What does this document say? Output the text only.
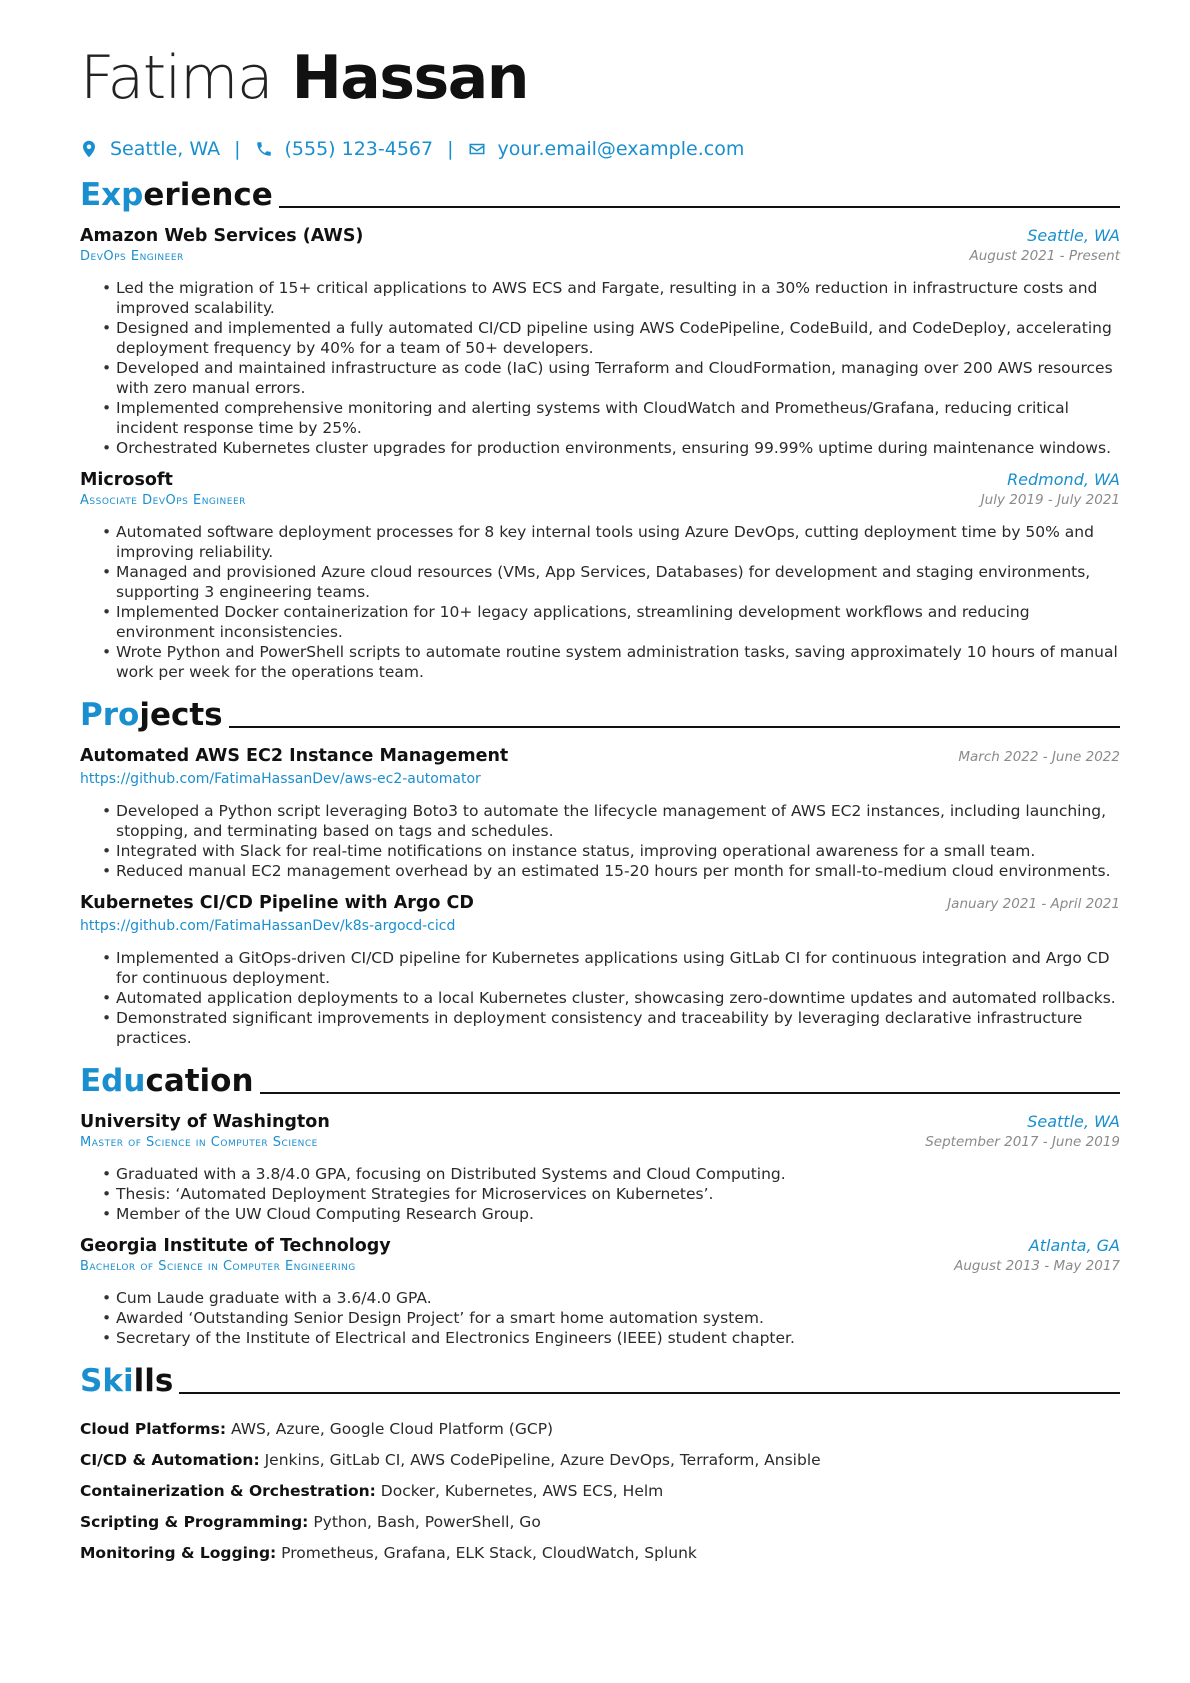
Fatima Hassan
Seattle, WA | (555) 123-4567 | your.email@example.com
Experience
Amazon Web Services (AWS)	Seattle, WA
DevOps Engineer	August 2021 - Present
• Led the migration of 15+ critical applications to AWS ECS and Fargate, resulting in a 30% reduction in infrastructure costs and improved scalability.
• Designed and implemented a fully automated CI/CD pipeline using AWS CodePipeline, CodeBuild, and CodeDeploy, accelerating deployment frequency by 40% for a team of 50+ developers.
• Developed and maintained infrastructure as code (IaC) using Terraform and CloudFormation, managing over 200 AWS resources with zero manual errors.
• Implemented comprehensive monitoring and alerting systems with CloudWatch and Prometheus/Grafana, reducing critical incident response time by 25%.
• Orchestrated Kubernetes cluster upgrades for production environments, ensuring 99.99% uptime during maintenance windows.
Microsoft	Redmond, WA
Associate DevOps Engineer	July 2019 - July 2021
• Automated software deployment processes for 8 key internal tools using Azure DevOps, cutting deployment time by 50% and improving reliability.
• Managed and provisioned Azure cloud resources (VMs, App Services, Databases) for development and staging environments, supporting 3 engineering teams.
• Implemented Docker containerization for 10+ legacy applications, streamlining development workflows and reducing environment inconsistencies.
• Wrote Python and PowerShell scripts to automate routine system administration tasks, saving approximately 10 hours of manual work per week for the operations team.
Projects
Automated AWS EC2 Instance Management	March 2022 - June 2022
https://github.com/FatimaHassanDev/aws-ec2-automator
• Developed a Python script leveraging Boto3 to automate the lifecycle management of AWS EC2 instances, including launching, stopping, and terminating based on tags and schedules.
• Integrated with Slack for real-time notifications on instance status, improving operational awareness for a small team.
• Reduced manual EC2 management overhead by an estimated 15-20 hours per month for small-to-medium cloud environments.
Kubernetes CI/CD Pipeline with Argo CD	January 2021 - April 2021
https://github.com/FatimaHassanDev/k8s-argocd-cicd
• Implemented a GitOps-driven CI/CD pipeline for Kubernetes applications using GitLab CI for continuous integration and Argo CD for continuous deployment.
• Automated application deployments to a local Kubernetes cluster, showcasing zero-downtime updates and automated rollbacks.
• Demonstrated significant improvements in deployment consistency and traceability by leveraging declarative infrastructure practices.
Education
University of Washington	Seattle, WA
Master of Science in Computer Science	September 2017 - June 2019
• Graduated with a 3.8/4.0 GPA, focusing on Distributed Systems and Cloud Computing.
• Thesis: ‘Automated Deployment Strategies for Microservices on Kubernetes’.
• Member of the UW Cloud Computing Research Group.
Georgia Institute of Technology	Atlanta, GA
Bachelor of Science in Computer Engineering	August 2013 - May 2017
• Cum Laude graduate with a 3.6/4.0 GPA.
• Awarded ‘Outstanding Senior Design Project’ for a smart home automation system.
• Secretary of the Institute of Electrical and Electronics Engineers (IEEE) student chapter.
Skills
Cloud Platforms: AWS, Azure, Google Cloud Platform (GCP)
CI/CD & Automation: Jenkins, GitLab CI, AWS CodePipeline, Azure DevOps, Terraform, Ansible
Containerization & Orchestration: Docker, Kubernetes, AWS ECS, Helm
Scripting & Programming: Python, Bash, PowerShell, Go
Monitoring & Logging: Prometheus, Grafana, ELK Stack, CloudWatch, Splunk
